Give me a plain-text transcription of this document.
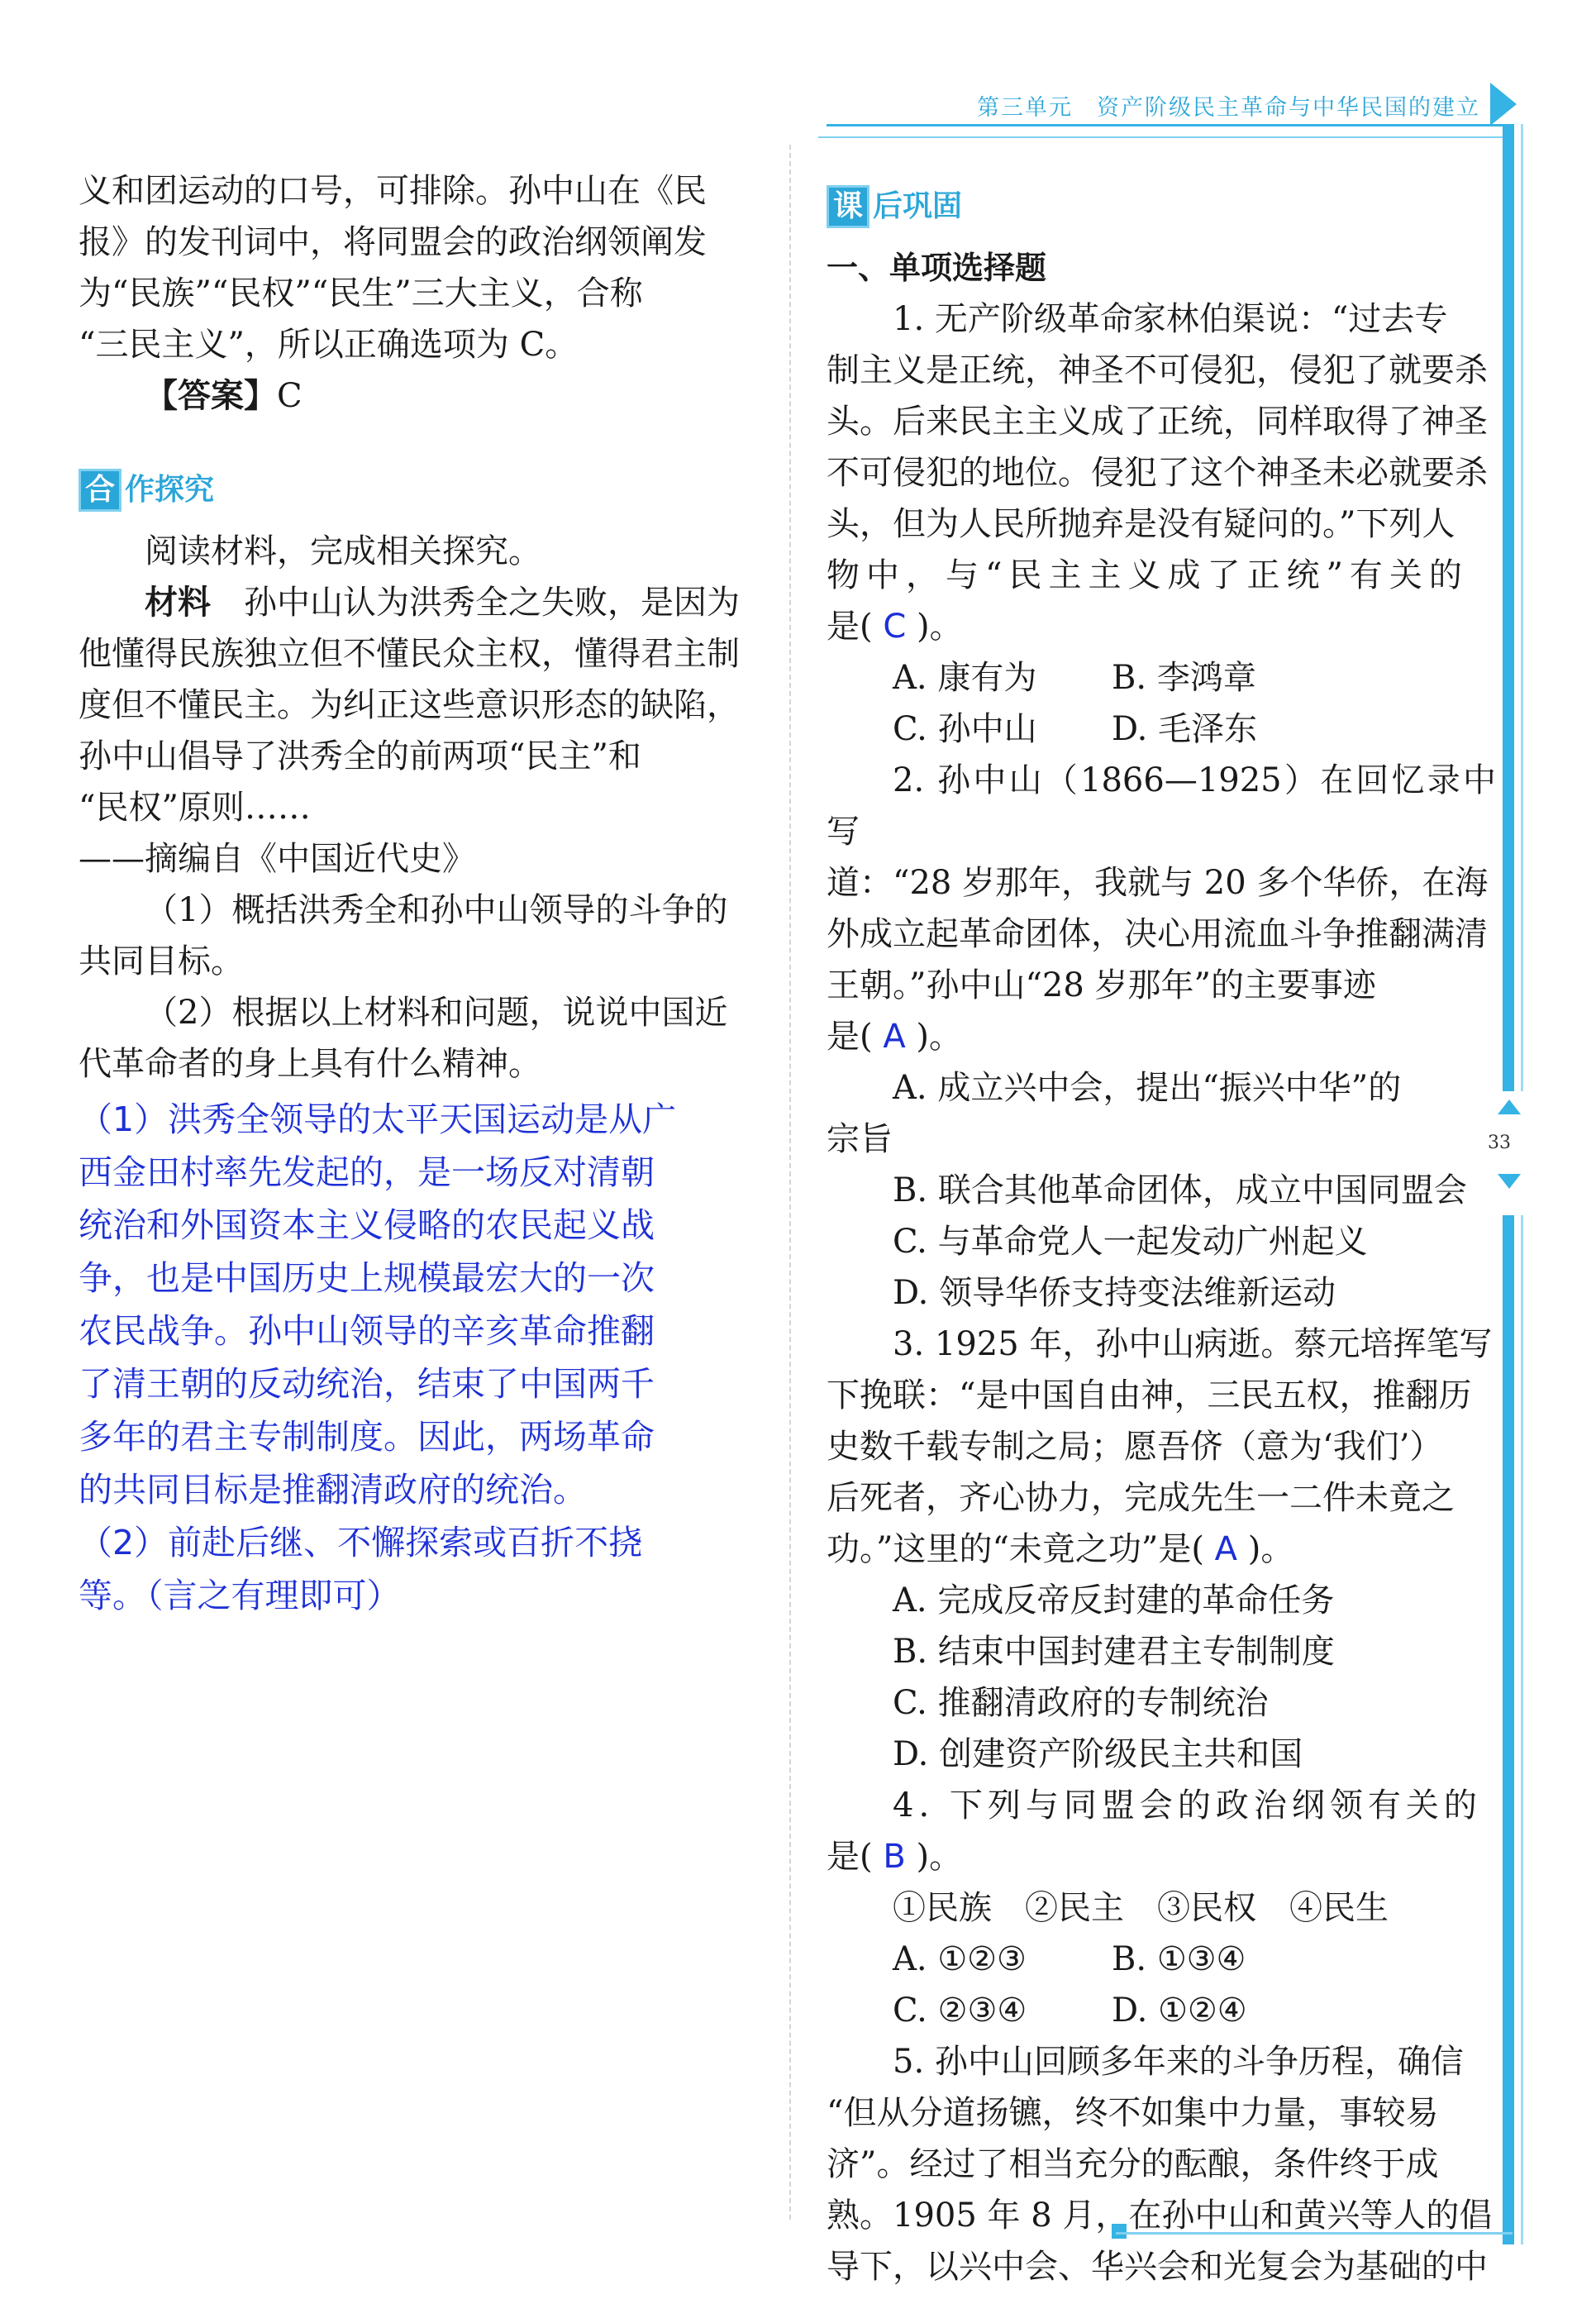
第三单元　资产阶级民主革命与中华民国的建立
33

义和团运动的口号，可排除。孙中山在《民

报》的发刊词中，将同盟会的政治纲领阐发

为“民族”“民权”“民生”三大主义，合称

“三民主义”，所以正确选项为 C。

【答案】C

合 作探究

阅读材料，完成相关探究。

材料　 孙中山认为洪秀全之失败，是因为

他懂得民族独立但不懂民众主权，懂得君主制

度但不懂民主。为纠正这些意识形态的缺陷，

孙中山倡导了洪秀全的前两项“民主”和

“民权”原则……

——摘编自《中国近代史》

（1）概括洪秀全和孙中山领导的斗争的

共同目标。

（2）根据以上材料和问题，说说中国近

代革命者的身上具有什么精神。

（1）洪秀全领导的太平天国运动是从广

西金田村率先发起的，是一场反对清朝

统治和外国资本主义侵略的农民起义战

争，也是中国历史上规模最宏大的一次

农民战争。孙中山领导的辛亥革命推翻

了清王朝的反动统治，结束了中国两千

多年的君主专制制度。因此，两场革命

的共同目标是推翻清政府的统治。

（2）前赴后继、不懈探索或百折不挠

等。（言之有理即可）

课 后巩固

一、单项选择题

1. 无产阶级革命家林伯渠说：“过去专

制主义是正统，神圣不可侵犯，侵犯了就要杀

头。后来民主主义成了正统，同样取得了神圣

不可侵犯的地位。侵犯了这个神圣未必就要杀

头，但为人民所抛弃是没有疑问的。”下列人

物中，与“民主主义成了正统”有关的

是( C )。

A. 康有为	B. 李鸿章
C. 孙中山	D. 毛泽东

2. 孙中山（1866—1925）在回忆录中写

道：“28 岁那年，我就与 20 多个华侨，在海

外成立起革命团体，决心用流血斗争推翻满清

王朝。”孙中山“28 岁那年”的主要事迹

是( A )。

A. 成立兴中会，提出“振兴中华”的

宗旨

B. 联合其他革命团体，成立中国同盟会

C. 与革命党人一起发动广州起义

D. 领导华侨支持变法维新运动

3. 1925 年，孙中山病逝。蔡元培挥笔写

下挽联：“是中国自由神，三民五权，推翻历

史数千载专制之局；愿吾侪（意为‘我们’）

后死者，齐心协力，完成先生一二件未竟之

功。”这里的“未竟之功”是( A )。

A. 完成反帝反封建的革命任务

B. 结束中国封建君主专制制度

C. 推翻清政府的专制统治

D. 创建资产阶级民主共和国

4. 下列与同盟会的政治纲领有关的

是( B )。

①民族　②民主　③民权　④民生

A. ①②③	B. ①③④
C. ②③④	D. ①②④

5. 孙中山回顾多年来的斗争历程，确信

“但从分道扬镳，终不如集中力量，事较易

济”。经过了相当充分的酝酿，条件终于成

熟。1905 年 8 月，在孙中山和黄兴等人的倡

导下，以兴中会、华兴会和光复会为基础的中
